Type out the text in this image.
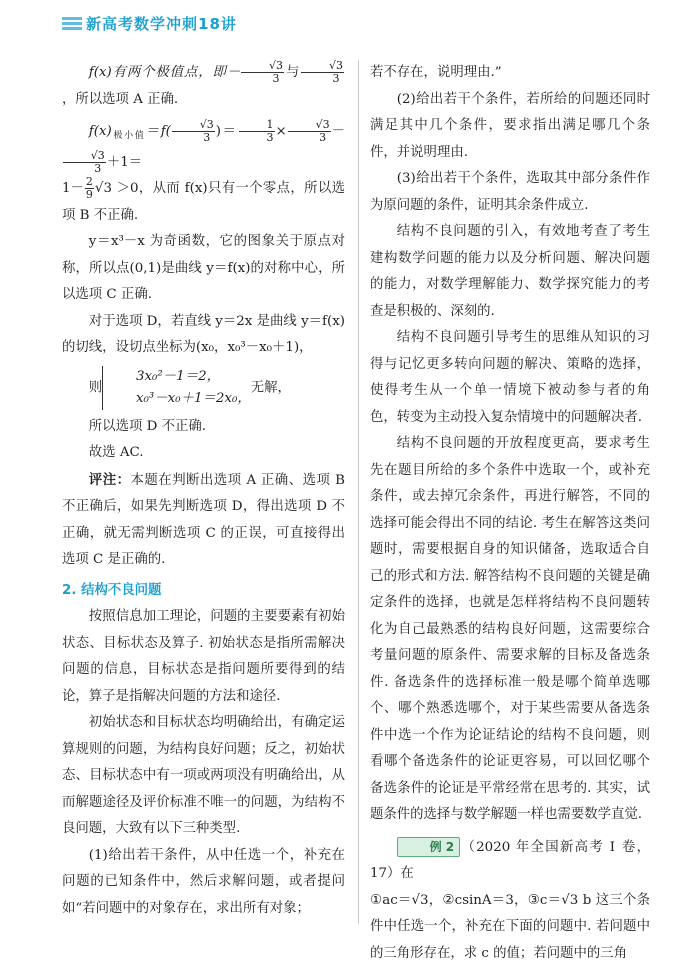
新高考数学冲刺18讲

f(x)有两个极值点，即－ $\frac{√3}{3}$ 与 $\frac{√3}{3}$
，所以选项 A 正确.

$f(x)_{极小值}=f( \frac{√3}{3}$ )＝ $\frac{1}{3} \times \frac{√3}{3}$ －
$\frac{√3}{3} +1=$

$1- \frac{2}{9} √3 >0$，从而 f(x)只有一个零点，所以选项 B 不正确.

y＝x³－x 为奇函数，它的图象关于原点对称，所以点(0,1)是曲线 y＝f(x)的对称中心，所以选项 C 正确.

对于选项 D，若直线 y＝2x 是曲线 y＝f(x)的切线，设切点坐标为(x₀，x₀³－x₀＋1)，

则
3x₀²－1＝2，
x₀³－x₀＋1＝2x₀，
无解，

所以选项 D 不正确.

故选 AC.

评注：本题在判断出选项 A 正确、选项 B 不正确后，如果先判断选项 D，得出选项 D 不正确，就无需判断选项 C 的正误，可直接得出选项 C 是正确的.

2. 结构不良问题

按照信息加工理论，问题的主要要素有初始状态、目标状态及算子. 初始状态是指所需解决问题的信息，目标状态是指问题所要得到的结论，算子是指解决问题的方法和途径.

初始状态和目标状态均明确给出，有确定运算规则的问题，为结构良好问题；反之，初始状态、目标状态中有一项或两项没有明确给出，从而解题途径及评价标准不唯一的问题，为结构不良问题，大致有以下三种类型.

(1)给出若干条件，从中任选一个，补充在问题的已知条件中，然后求解问题，或者提问如“若问题中的对象存在，求出所有对象；

若不存在，说明理由.”

(2)给出若干个条件，若所给的问题还同时满足其中几个条件，要求指出满足哪几个条件，并说明理由.

(3)给出若干个条件，选取其中部分条件作为原问题的条件，证明其余条件成立.

结构不良问题的引入，有效地考查了考生建构数学问题的能力以及分析问题、解决问题的能力，对数学理解能力、数学探究能力的考查是积极的、深刻的.

结构不良问题引导考生的思维从知识的习得与记忆更多转向问题的解决、策略的选择，使得考生从一个单一情境下被动参与者的角色，转变为主动投入复杂情境中的问题解决者.

结构不良问题的开放程度更高，要求考生先在题目所给的多个条件中选取一个，或补充条件，或去掉冗余条件，再进行解答，不同的选择可能会得出不同的结论. 考生在解答这类问题时，需要根据自身的知识储备，选取适合自己的形式和方法. 解答结构不良问题的关键是确定条件的选择，也就是怎样将结构不良问题转化为自己最熟悉的结构良好问题，这需要综合考量问题的原条件、需要求解的目标及备选条件. 备选条件的选择标准一般是哪个简单选哪个、哪个熟悉选哪个，对于某些需要从备选条件中选一个作为论证结论的结构不良问题，则看哪个备选条件的论证更容易，可以回忆哪个备选条件的论证是平常经常在思考的. 其实，试题条件的选择与数学解题一样也需要数学直觉.

例 2 （2020 年全国新高考 Ⅰ 卷，17）在

①ac＝√3，②csinA＝3，③c＝√3 b 这三个条件中任选一个，补充在下面的问题中. 若问题中的三角形存在，求 c 的值；若问题中的三角
